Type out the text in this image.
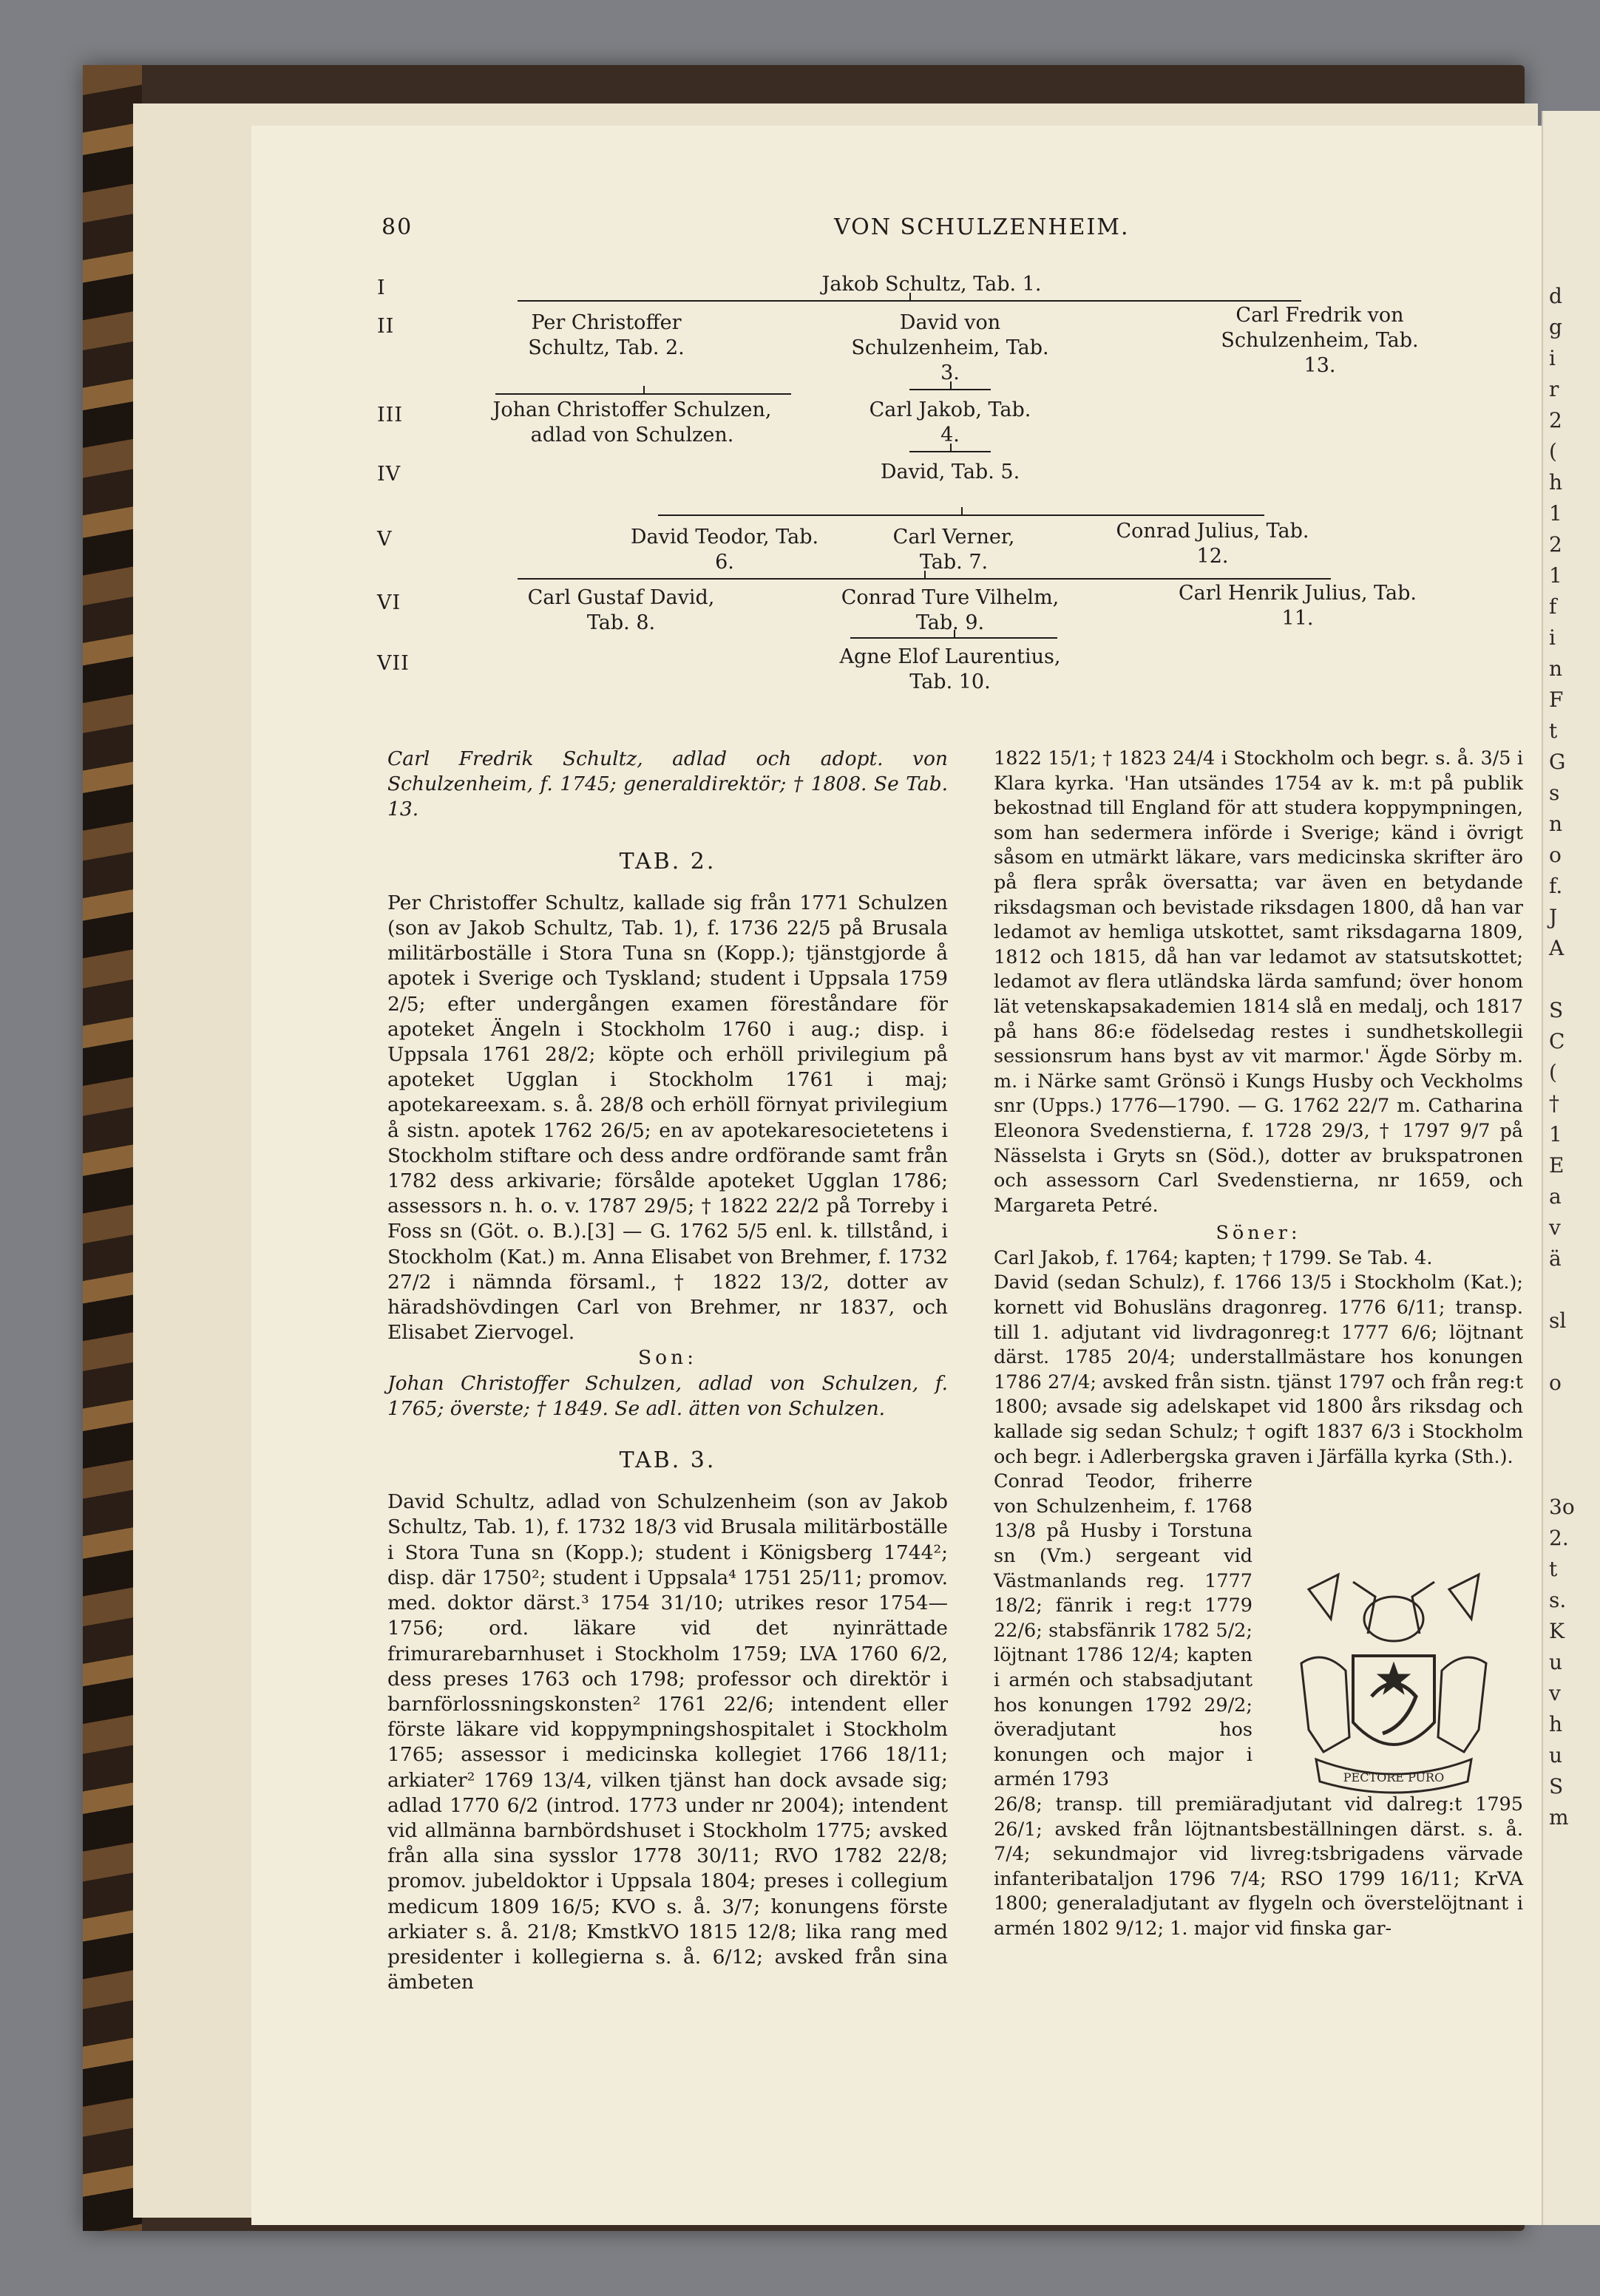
d
g
i
r
2
(
h
1
2
1
f
i
n
F
t
G
s
n
o
f.
J
A

S
C
(
†
1
E
a
v
ä

sl

o

3o
2.
t
s.
K
u
v
h
u
S
m
80	VON SCHULZENHEIM.
I
II
III
IV
V
VI
VII
Jakob Schultz, Tab. 1.
Per Christoffer Schultz, Tab. 2.
David von Schulzenheim, Tab. 3.
Carl Fredrik von Schulzenheim, Tab. 13.
Johan Christoffer Schulzen, adlad von Schulzen.
Carl Jakob, Tab. 4.
David, Tab. 5.
David Teodor, Tab. 6.
Carl Verner, Tab. 7.
Conrad Julius, Tab. 12.
Carl Gustaf David, Tab. 8.
Conrad Ture Vilhelm, Tab. 9.
Carl Henrik Julius, Tab. 11.
Agne Elof Laurentius, Tab. 10.

Carl Fredrik Schultz, adlad och adopt. von Schulzenheim, f. 1745; generaldirektör; † 1808. Se Tab. 13.

TAB. 2.

Per Christoffer Schultz, kallade sig från 1771 Schulzen (son av Jakob Schultz, Tab. 1), f. 1736 22/5 på Brusala militärboställe i Stora Tuna sn (Kopp.); tjänstgjorde å apotek i Sverige och Tyskland; student i Uppsala 1759 2/5; efter undergången examen föreståndare för apoteket Ängeln i Stockholm 1760 i aug.; disp. i Uppsala 1761 28/2; köpte och erhöll privilegium på apoteket Ugglan i Stockholm 1761 i maj; apotekareexam. s. å. 28/8 och erhöll förnyat privilegium å sistn. apotek 1762 26/5; en av apotekaresocietetens i Stockholm stiftare och dess andre ordförande samt från 1782 dess arkivarie; försålde apoteket Ugglan 1786; assessors n. h. o. v. 1787 29/5; † 1822 22/2 på Torreby i Foss sn (Göt. o. B.).[3] — G. 1762 5/5 enl. k. tillstånd, i Stockholm (Kat.) m. Anna Elisabet von Brehmer, f. 1732 27/2 i nämnda församl., † 1822 13/2, dotter av häradshövdingen Carl von Brehmer, nr 1837, och Elisabet Ziervogel.

Son:

Johan Christoffer Schulzen, adlad von Schulzen, f. 1765; överste; † 1849. Se adl. ätten von Schulzen.

TAB. 3.

David Schultz, adlad von Schulzenheim (son av Jakob Schultz, Tab. 1), f. 1732 18/3 vid Brusala militärboställe i Stora Tuna sn (Kopp.); student i Königsberg 1744²; disp. där 1750²; student i Uppsala⁴ 1751 25/11; promov. med. doktor därst.³ 1754 31/10; utrikes resor 1754—1756; ord. läkare vid det nyinrättade frimurarebarnhuset i Stockholm 1759; LVA 1760 6/2, dess preses 1763 och 1798; professor och direktör i barnförlossningskonsten² 1761 22/6; intendent eller förste läkare vid koppympningshospitalet i Stockholm 1765; assessor i medicinska kollegiet 1766 18/11; arkiater² 1769 13/4, vilken tjänst han dock avsade sig; adlad 1770 6/2 (introd. 1773 under nr 2004); intendent vid allmänna barnbördshuset i Stockholm 1775; avsked från alla sina sysslor 1778 30/11; RVO 1782 22/8; promov. jubeldoktor i Uppsala 1804; preses i collegium medicum 1809 16/5; KVO s. å. 3/7; konungens förste arkiater s. å. 21/8; KmstkVO 1815 12/8; lika rang med presidenter i kollegierna s. å. 6/12; avsked från sina ämbeten

1822 15/1; † 1823 24/4 i Stockholm och begr. s. å. 3/5 i Klara kyrka. 'Han utsändes 1754 av k. m:t på publik bekostnad till England för att studera koppympningen, som han sedermera införde i Sverige; känd i övrigt såsom en utmärkt läkare, vars medicinska skrifter äro på flera språk översatta; var även en betydande riksdagsman och bevistade riksdagen 1800, då han var ledamot av hemliga utskottet, samt riksdagarna 1809, 1812 och 1815, då han var ledamot av statsutskottet; ledamot av flera utländska lärda samfund; över honom lät vetenskapsakademien 1814 slå en medalj, och 1817 på hans 86:e födelsedag restes i sundhetskollegii sessionsrum hans byst av vit marmor.' Ägde Sörby m. m. i Närke samt Grönsö i Kungs Husby och Veckholms snr (Upps.) 1776—1790. — G. 1762 22/7 m. Catharina Eleonora Svedenstierna, f. 1728 29/3, † 1797 9/7 på Nässelsta i Gryts sn (Söd.), dotter av brukspatronen och assessorn Carl Svedenstierna, nr 1659, och Margareta Petré.

Söner:

Carl Jakob, f. 1764; kapten; † 1799. Se Tab. 4.

David (sedan Schulz), f. 1766 13/5 i Stockholm (Kat.); kornett vid Bohusläns dragonreg. 1776 6/11; transp. till 1. adjutant vid livdragonreg:t 1777 6/6; löjtnant därst. 1785 20/4; understallmästare hos konungen 1786 27/4; avsked från sistn. tjänst 1797 och från reg:t 1800; avsade sig adelskapet vid 1800 års riksdag och kallade sig sedan Schulz; † ogift 1837 6/3 i Stockholm och begr. i Adlerbergska graven i Järfälla kyrka (Sth.).

Conrad Teodor, friherre von Schulzenheim, f. 1768 13/8 på Husby i Torstuna sn (Vm.) sergeant vid Västmanlands reg. 1777 18/2; fänrik i reg:t 1779 22/6; stabsfänrik 1782 5/2; löjtnant 1786 12/4; kapten i armén och stabsadjutant hos konungen 1792 29/2; överadjutant hos konungen och major i armén 1793

26/8; transp. till premiäradjutant vid dalreg:t 1795 26/1; avsked från löjtnantsbeställningen därst. s. å. 7/4; sekundmajor vid livreg:tsbrigadens värvade infanteribataljon 1796 7/4; RSO 1799 16/11; KrVA 1800; generaladjutant av flygeln och överstelöjtnant i armén 1802 9/12; 1. major vid finska gar-

PECTORE PURO
